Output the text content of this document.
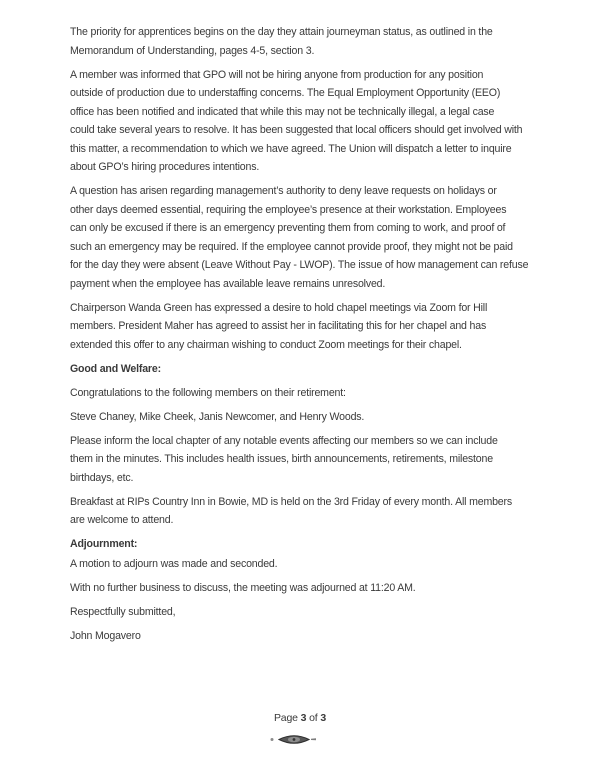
The priority for apprentices begins on the day they attain journeyman status, as outlined in the
Memorandum of Understanding, pages 4-5, section 3.

A member was informed that GPO will not be hiring anyone from production for any position
outside of production due to understaffing concerns. The Equal Employment Opportunity (EEO)
office has been notified and indicated that while this may not be technically illegal, a legal case
could take several years to resolve. It has been suggested that local officers should get involved with
this matter, a recommendation to which we have agreed. The Union will dispatch a letter to inquire
about GPO’s hiring procedures intentions.

A question has arisen regarding management’s authority to deny leave requests on holidays or
other days deemed essential, requiring the employee’s presence at their workstation. Employees
can only be excused if there is an emergency preventing them from coming to work, and proof of
such an emergency may be required. If the employee cannot provide proof, they might not be paid
for the day they were absent (Leave Without Pay - LWOP). The issue of how management can refuse
payment when the employee has available leave remains unresolved.

Chairperson Wanda Green has expressed a desire to hold chapel meetings via Zoom for Hill
members. President Maher has agreed to assist her in facilitating this for her chapel and has
extended this offer to any chairman wishing to conduct Zoom meetings for their chapel.

Good and Welfare:

Congratulations to the following members on their retirement:

Steve Chaney, Mike Cheek, Janis Newcomer, and Henry Woods.

Please inform the local chapter of any notable events affecting our members so we can include
them in the minutes. This includes health issues, birth announcements, retirements, milestone
birthdays, etc.

Breakfast at RIPs Country Inn in Bowie, MD is held on the 3rd Friday of every month. All members
are welcome to attend.

Adjournment:

A motion to adjourn was made and seconded.

With no further business to discuss, the meeting was adjourned at 11:20 AM.

Respectfully submitted,

John Mogavero

Page 3 of 3
